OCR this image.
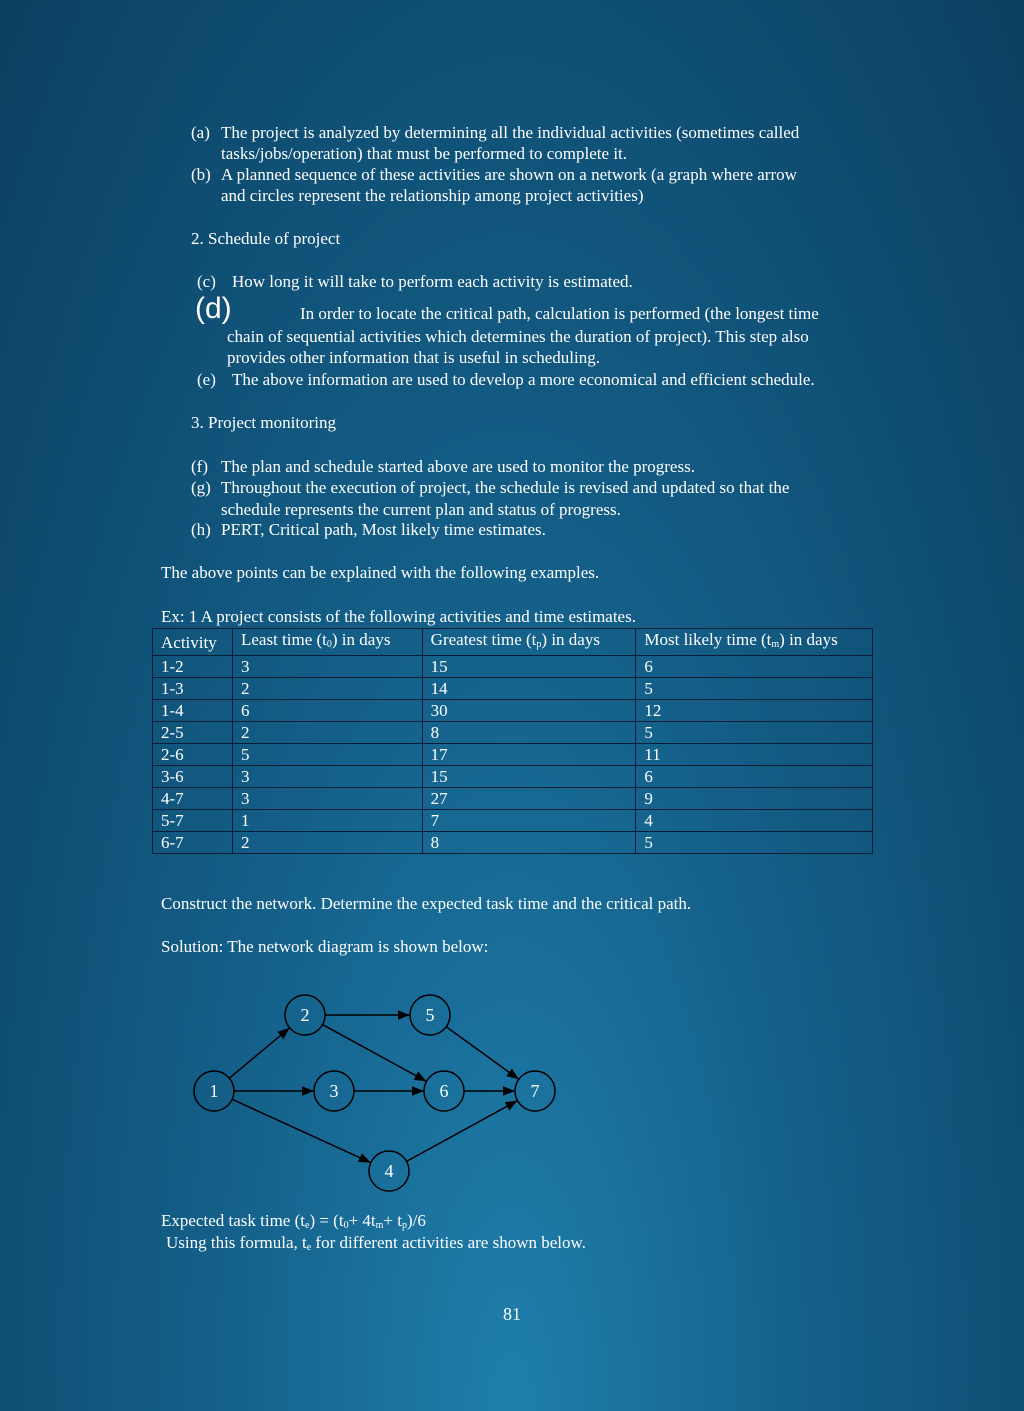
(a) The project is analyzed by determining all the individual activities (sometimes called
tasks/jobs/operation) that must be performed to complete it.
(b) A planned sequence of these activities are shown on a network (a graph where arrow
and circles represent the relationship among project activities)
2. Schedule of project
(c) How long it will take to perform each activity is estimated.
(d)	In order to locate the critical path, calculation is performed (the longest time
chain of sequential activities which determines the duration of project). This step also
provides other information that is useful in scheduling.
(e) The above information are used to develop a more economical and efficient schedule.
3. Project monitoring
(f) The plan and schedule started above are used to monitor the progress.
(g) Throughout the execution of project, the schedule is revised and updated so that the
schedule represents the current plan and status of progress.
(h) PERT, Critical path, Most likely time estimates.
The above points can be explained with the following examples.
Ex: 1 A project consists of the following activities and time estimates.
Activity	Least time $(t_0)$ in days	Greatest time $(t_p)$ in days	Most likely time $(t_m)$ in days
1-2	3	15	6
1-3	2	14	5
1-4	6	30	12
2-5	2	8	5
2-6	5	17	11
3-6	3	15	6
4-7	3	27	9
5-7	1	7	4
6-7	2	8	5
Construct the network. Determine the expected task time and the critical path.
Solution: The network diagram is shown below:
1
2
3
4
5
6	7
Expected task time $(t_e) = (t_0+ 4t_m+ t_p)/6$
Using this formula, $t_e$ for different activities are shown below.
81
